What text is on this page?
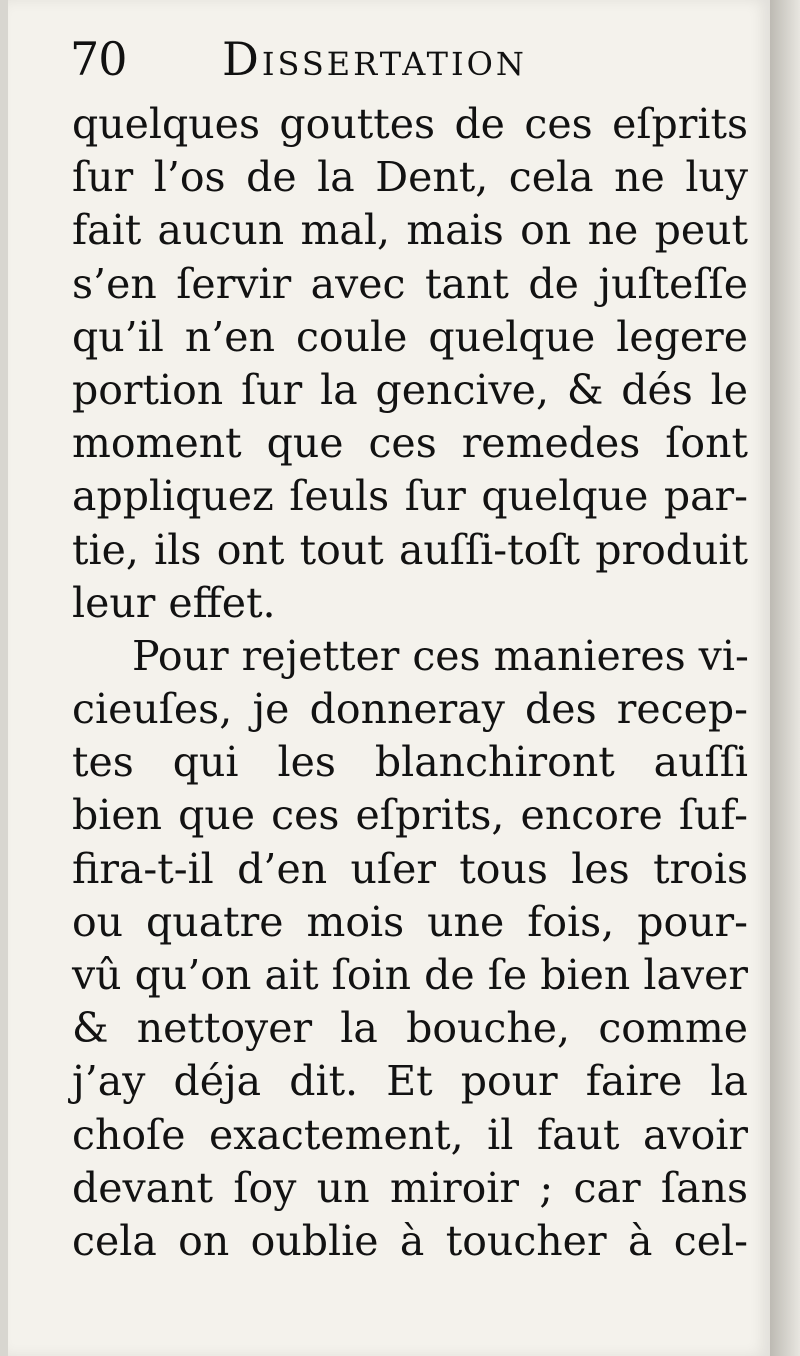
70 Dissertation
quelques gouttes de ces eſprits
ſur l’os de la Dent, cela ne luy
fait aucun mal, mais on ne peut
s’en ſervir avec tant de juſteſſe
qu’il n’en coule quelque legere
portion ſur la gencive, & dés le
moment que ces remedes ſont
appliquez ſeuls ſur quelque par-
tie, ils ont tout auſſi-toſt produit
leur effet.
Pour rejetter ces manieres vi-
cieuſes, je donneray des recep-
tes qui les blanchiront auſſi
bien que ces eſprits, encore ſuf-
fira-t-il d’en uſer tous les trois
ou quatre mois une fois, pour-
vû qu’on ait ſoin de ſe bien laver
& nettoyer la bouche, comme
j’ay déja dit. Et pour faire la
choſe exactement, il faut avoir
devant ſoy un miroir ; car ſans
cela on oublie à toucher à cel-
